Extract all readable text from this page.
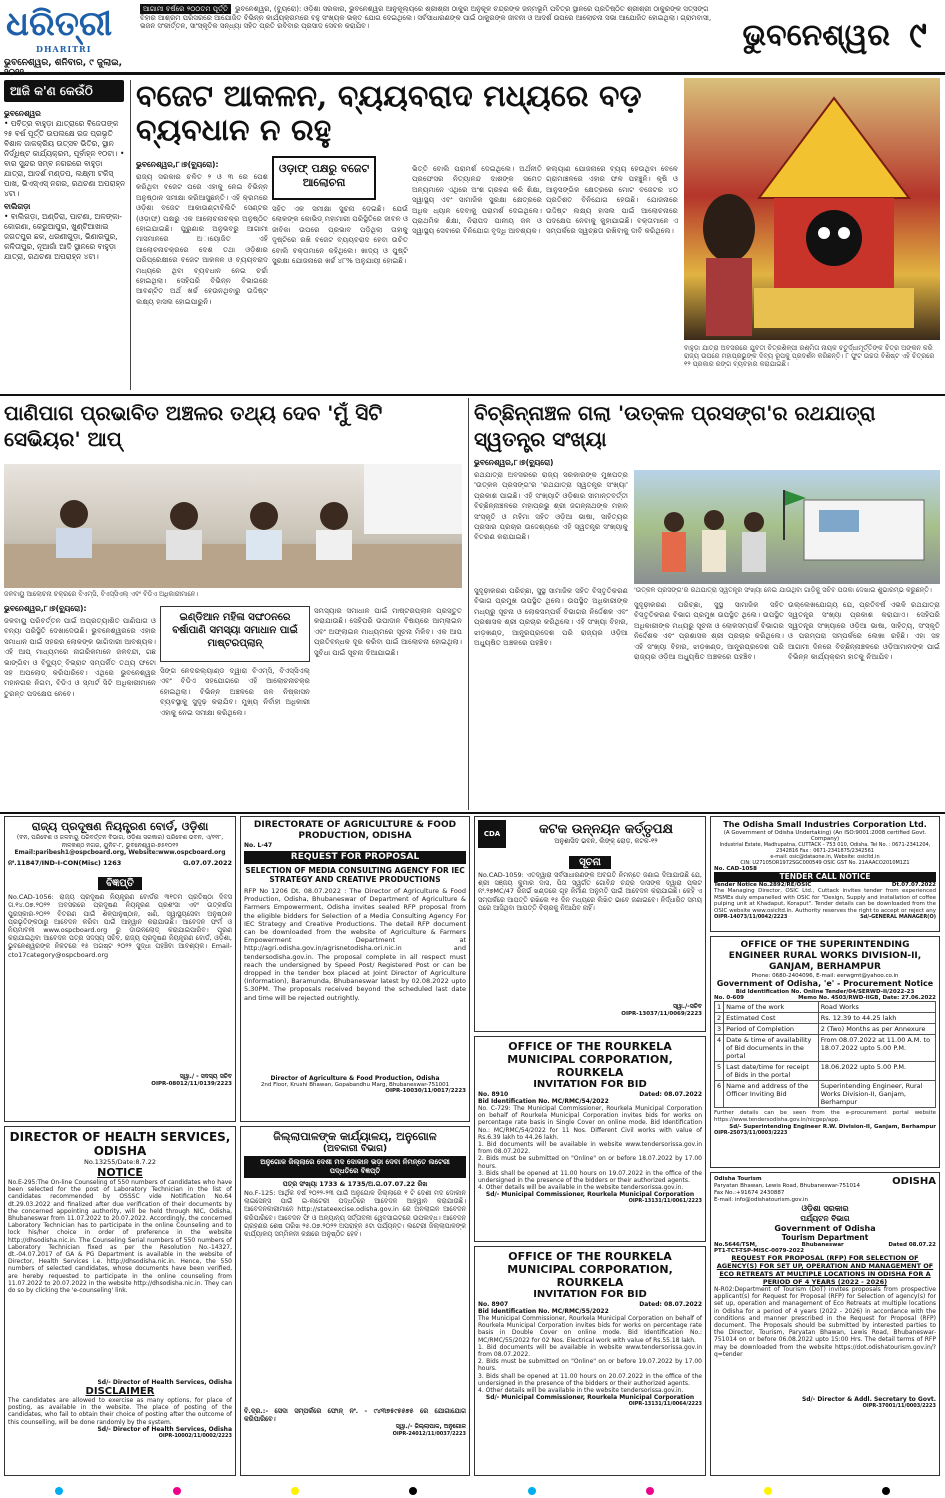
ଧରିତ୍ରୀ
DHARITRI
ଭୁବନେଶ୍ୱର, ଶନିବାର, ୯ ଜୁଲାଇ,
ଆଗାମୀ ବର୍ଷରେ ୨୦୦ତମ ପୂର୍ତ୍ତି ଭୁବନେଶ୍ୱର, (ବ୍ୟୁରୋ): ଓଡ଼ିଶା ସରକାର, ଭୁବନେଶ୍ୱର ଆନୁକୂଲ୍ୟରେ ଶ୍ରୀଶ୍ରୀ ଠାକୁର ଅନୁକୂଳ ଚନ୍ଦ୍ରଙ୍କ ଜନ୍ମଭୂମି ପବିତ୍ର ସ୍ଥାନରେ ପ୍ରତିଷ୍ଠିତ ଶ୍ରୀଶ୍ରୀ ଠାକୁରଙ୍କ ସତ୍ସଙ୍ଗ ବିହାର ଆଶ୍ରମ ପରିସରରେ ଆଯୋଜିତ ବିଭିନ୍ନ କାର୍ଯ୍ୟକ୍ରମରେ ବହୁ ସଂଖ୍ୟକ ଭକ୍ତ ଯୋଗ ଦେଇଥିଲେ। ସର୍ବସାଧାରଣଙ୍କ ପାଇଁ ଠାକୁରଙ୍କ ଜୀବନୀ ଓ ଆଦର୍ଶ ଉପରେ ଆଲୋଚନା ସଭା ଆଯୋଜିତ ହୋଇଥିଲା। ଗ୍ରାମବାସୀ, ଭଜନ ସଂକୀର୍ତ୍ତନ, ସାଂସ୍କୃତିକ ସନ୍ଧ୍ୟା ସହିତ ପ୍ରତି ରବିବାର ପ୍ରସାଦ ସେବନ କରାଯିବ।	ଭୁବନେଶ୍ୱର ୯
ଆଜି କ'ଣ କେଉଁଠି
ଭୁବନେଶ୍ୱର
• ପବିତ୍ର ବାହୁଡ଼ା ଯାତ୍ରାରେ ବିଜେତାଙ୍କ ୨୫ ବର୍ଷ ପୂର୍ତ୍ତି ଉପଲକ୍ଷେ ରଜ ପ୍ରଭୃତି ବିଶାଳ ଜାକକ୍ରିୟ ଉତ୍ସବ ଭିତିର, ସ୍ଥାନ ନିର୍ଦ୍ଧିଷ୍ଟ କାର୍ଯ୍ୟକ୍ରମ, ପୂର୍ବାହ୍ନ ୧୦ଟା। • ବାର ସୁନ୍ଦର ସମ୍ବ ନଗରରେ ବାହୁଡ଼ା ଯାତ୍ରା, ଆଦର୍ଶ ମଣ୍ଡପ, ଲକ୍ଷ୍ମୀ ଟକିସ୍ ପାଖ, ଭିଏସ୍ଏସ୍ ନଗର, ରଥଚଣା ଅପରାହ୍ନ ୪ଟା।
ବାଲିଗଡ଼ା
• ବାଲିଗଡ଼ା, ଅଣ୍ଡିରା, ପାଟଣା, ଅଳଙ୍କା-କୋରଣା, କେରୁଆପୁର, ଖୁଣ୍ଟିଆଖାଇ ଜଗତପୁର ଛକ, ଧରଣୀଗୁଡ଼ା, ଭିଣାରପୁର, କଳିତାପୁର, ନୂଆଗାଁ ଆଦି ସ୍ଥାନରେ ବାହୁଡ଼ା ଯାତ୍ରା, ରଥଚଣା ଅପରାହ୍ନ ୪ଟା।
ବଜେଟ ଆକଳନ, ବ୍ୟୟବରାଦ ମଧ୍ୟରେ ବଡ଼ ବ୍ୟବଧାନ ନ ରହୁ
ଭୁବନେଶ୍ୱର,୮।୭(ବ୍ୟୁରୋ):	ଓଡ଼ାଫ୍ ପକ୍ଷରୁ ବଜେଟ ଆଲୋଚନା
ରାଜ୍ୟ ସରକାର ଚଳିତ ୨ ଓ ୩ ରେ ପେଶ କରିଥିବା ବଜେଟ ପରେ ଏହାକୁ ନେଇ ବିଭିନ୍ନ ଅନୁଷ୍ଠାନ ସମୀକ୍ଷା କରିଆସୁଛନ୍ତି। ଏହି କ୍ରମରେ ଓଡ଼ିଶା ବଜେଟ ଆକାଉଣ୍ଟାବିଲିଟି ସେଣ୍ଟର (ଓଡ଼ାଫ୍) ପକ୍ଷରୁ ଏକ ଆଲୋଚନାଚକ୍ର ଅନୁଷ୍ଠିତ ହୋଇଯାଇଛି। ପୁରୁଣାର ଅନୁଭବରୁ ଆଗାମୀ ମାସମାନରେ ଅାୟୋଜିତ ଏହି ଆଲୋଚନାଚକ୍ରରେ ଦେଶ ତଥା ଓଡ଼ିଶାର ପରିପ୍ରେକ୍ଷୀରେ ବଜେଟ ଆକଳନ ଓ ବ୍ୟୟବରାଦ ମଧ୍ୟରେ ଥିବା ବ୍ୟବଧାନ ନେଇ ଚର୍ଚ୍ଚା ହୋଇଥିଲା। ସେହିପରି ବିଭିନ୍ନ ବିଭାଗରେ ଆବଣ୍ଟିତ ଅର୍ଥ ଖର୍ଚ୍ଚ ହେଉନଥିବାରୁ ଉଦ୍ଦିଷ୍ଟ ଲକ୍ଷ୍ୟ ହାସଲ ହୋଇପାରୁନି।
ସହିତ ଏକ ସମୀକ୍ଷା ସୁଚନା ଦେଇଛି। ଯେଉଁ ଲୋକଙ୍କ କୋଭିଡ୍ ମହାମାରୀ ପରିସ୍ଥିତିରେ ଜୀବନ ଓ ଜୀବିକା ଉପରେ ପ୍ରଭାବ ପଡ଼ିଥିଲା ତାହାକୁ ଦୃଷ୍ଟିରେ ରଖି ବଜେଟ ବ୍ୟୟବରାଦ ହେବା ଉଚିତ ବୋଲି ବକ୍ତାମାନେ କହିଥିଲେ। ଖାଦ୍ୟ ଓ ପୁଷ୍ଟି ସୁରକ୍ଷା ଯୋଜନାରେ ଖର୍ଚ୍ଚ ୪୮% ଅନୁଯାୟୀ ହୋଇଛି।
ଭିତ୍ତି ବୋଲି ପରାମର୍ଶ ଦେଇଥିଲେ। ଅର୍ଥନୀତି ପ୍ରଫେସର ନିତ୍ୟାନନ୍ଦ ଦାଶଙ୍କ ସମେତ ଅନ୍ୟମାନେ ଏଥିରେ ଅଂଶ ଗ୍ରହଣ କରି ଶିକ୍ଷା, ସ୍ୱାସ୍ଥ୍ୟ ଏବଂ ସାମାଜିକ ସୁରକ୍ଷା କ୍ଷେତ୍ରରେ ଅଧିକ ଧ୍ୟାନ ଦେବାକୁ ପରାମର୍ଶ ଦେଇଥିଲେ। ପ୍ରାଥମିକ ଶିକ୍ଷା, ନିରାପଦ ପାନୀୟ ଜଳ ଓ ସ୍ୱାସ୍ଥ୍ୟ ସେବାରେ ବିନିଯୋଗ ବୃଦ୍ଧି ଆବଶ୍ୟକ।
କଲ୍ୟାଣ ଯୋଜନାରେ ବ୍ୟୟ ହେଉଥିବା ବେଳେ ଗ୍ରାମାଞ୍ଚଳରେ ଏହାର ଫଳ ପହଞ୍ଚୁନି। କୃଷି ଓ ଆନୁସଙ୍ଗିକ କ୍ଷେତ୍ରରେ ମୋଟ ବଜେଟର ୪୦ ପ୍ରତିଶତ ବିନିଯୋଗ ହେଉଛି। ଯୋଜନାରେ ଉଦ୍ଦିଷ୍ଟ ଲକ୍ଷ୍ୟ ହାସଲ ପାଇଁ ଆଲୋଚନାରେ ପଦକ୍ଷେପ ନେବାକୁ କୁହାଯାଇଛି। ବକ୍ତାମାନେ ଏ ସମ୍ପର୍କରେ ସ୍ୱଚ୍ଛତା ରଖିବାକୁ ଦାବି କରିଥିଲେ।
ବାହୁଡ଼ା ଯାତ୍ରା ଅବସରରେ ଯୁବତୀ ଚିତ୍ରଶିଳ୍ପୀ ରଶ୍ମିତା ନାୟକ ଚତୁର୍ଦ୍ଧାମୂର୍ତ୍ତିଙ୍କ ଚିତ୍ର ଅଙ୍କନ କରି ରାଜ୍ୟ ଉପରେ ମହାପ୍ରଭୁଙ୍କ ଦିବ୍ୟ ରୂପକୁ ପ୍ରଦର୍ଶନ କରିଛନ୍ତି। ୮ ଫୁଟ ଉଚ୍ଚତା ବିଶିଷ୍ଟ ଏହି ଚିତ୍ରରେ ୧୨ ପ୍ରକାର ରଙ୍ଗ ବ୍ୟବହାର କରାଯାଇଛି।
ପାଣିପାଗ ପ୍ରଭାବିତ ଅଞ୍ଚଳର ତଥ୍ୟ ଦେବ 'ମୁଁ ସିଟି ସେଭିୟର' ଆପ୍
ଜଳବାୟୁ ଆଲୋଚନା ଚକ୍ରରେ ବିଏମ୍‌ସି, ବିଏସ୍‌ସିଏଲ୍ ଏବଂ ବିଡିଏ ଅଧିକାରୀମାନେ।
ଭୁବନେଶ୍ୱର,୮।୭(ବ୍ୟୁରୋ):
ଜଳବାୟୁ ପରିବର୍ତ୍ତନ ପାଇଁ ଅପ୍ରତ୍ୟାଶିତ ପାଣିପାଗ ଓ ବନ୍ୟା ପରିସ୍ଥିତି ଦେଖାଦେଉଛି। ଭୁବନେଶ୍ୱରରେ ଏହାର ସମାଧାନ ପାଇଁ ସହରର ଲୋକଙ୍କ ଭାଗିଦାରୀ ଆବଶ୍ୟକ। ଏହି ଆପ୍ ମାଧ୍ୟମରେ ନାଗରିକମାନେ ଜଳବନ୍ଦୀ, ଗଛ ଭାଙ୍ଗିବା ଓ ବିଦ୍ୟୁତ୍ ବିଭ୍ରାଟ ସମ୍ପର୍କିତ ତଥ୍ୟ ଫଟୋ ସହ ଅପଲୋଡ୍ କରିପାରିବେ। ଏଥିରେ ଭୁବନେଶ୍ୱର ମହାନଗର ନିଗମ, ବିଡିଏ ଓ ସ୍ମାର୍ଟ ସିଟି ଅଧିକାରୀମାନେ ତୁରନ୍ତ ପଦକ୍ଷେପ ନେବେ।
ଇଣ୍ଡିଆନ ମହିଳା ସଙ୍ଘଠନରେ ବର୍ଷାପାଣି ସମସ୍ୟା ସମାଧାନ ପାଇଁ ମାଷ୍ଟରପ୍ଲାନ୍
ସିଙ୍ଗ ନେଦରଲ୍ୟାଣ୍ଡ ଦ୍ୱାରା ବିଏମ୍‌ସି, ବିଏସ୍‌ସିଏଲ୍ ଏବଂ ବିଡିଏ ସହଯୋଗରେ ଏହି ଆଲୋଚନାଚକ୍ର ହୋଇଥିଲା। ବିଭିନ୍ନ ଅଞ୍ଚଳରେ ଜଳ ନିଷ୍କାସନ ବ୍ୟବସ୍ଥାକୁ ସୁଦୃଢ଼ କରାଯିବ। ମୁଖ୍ୟ ନିର୍ବାହୀ ଅଧିକାରୀ ଏହାକୁ ନେଇ ସମୀକ୍ଷା କରିଥିଲେ।
ସମସ୍ୟାର ସମାଧାନ ପାଇଁ ମାଷ୍ଟରପ୍ଲାନ ପ୍ରସ୍ତୁତ କରାଯାଉଛି। ସେହିପରି ଉପାଦାନ ବିଷୟରେ ଆମ୍‌ଲାଇନ ଏବଂ ଅଫ୍‌ଲାଇନ ମାଧ୍ୟମରେ ସୂଚନା ମିଳିବ। ଏକ ଆପ ପ୍ରତିବନ୍ଧକ ଦୂର କରିବା ପାଇଁ ଆଲୋଚନା ହୋଇଥିଲା। ସୁବିଧା ପାଇଁ ସୂଚନା ଦିଆଯାଇଛି।
ବିଚ୍ଛିନ୍ନାଞ୍ଚଳ ଗଲା 'ଉତ୍କଳ ପ୍ରସଙ୍ଗ'ର ରଥଯାତ୍ରା ସ୍ୱତନ୍ତ୍ର ସଂଖ୍ୟା
ଭୁବନେଶ୍ୱର,୮।୭(ବ୍ୟୁରୋ)
ରଥଯାତ୍ରା ଅବସରରେ ରାଜ୍ୟ ସରକାରଙ୍କ ମୁଖପତ୍ର 'ଉତ୍କଳ ପ୍ରସଙ୍ଗ'ର 'ରଥଯାତ୍ରା ସ୍ୱତନ୍ତ୍ର ସଂଖ୍ୟା' ପ୍ରକାଶ ପାଇଛି। ଏହି ସଂଖ୍ୟାଟି ଓଡ଼ିଶାର ସୀମାନ୍ତବର୍ତ୍ତୀ ବିଚ୍ଛିନ୍ନାଞ୍ଚଳରେ ମହାପ୍ରଭୁ ଶ୍ରୀ ଜଗନ୍ନାଥଙ୍କ ମହାନ୍ ସଂସ୍କୃତି ଓ ମହିମା ସହିତ ଓଡ଼ିଆ ଭାଷା, ସାହିତ୍ୟର ପ୍ରସାର ପ୍ରଚାର ଉଦ୍ଦେଶ୍ୟରେ ଏହି ସ୍ୱତନ୍ତ୍ର ସଂଖ୍ୟାକୁ ବିତରଣ କରାଯାଇଛି।
'ଉତ୍କଳ ପ୍ରସଙ୍ଗ'ର ରଥଯାତ୍ରା ସ୍ୱତନ୍ତ୍ର ସଂଖ୍ୟା ନେଇ ଯାଉଥିବା ଗାଡ଼ିକୁ ସଚିବ ପତାକା ଦେଖାଇ ଶୁଭାରମ୍ଭ କରୁଛନ୍ତି।
ସୁଦୃଢ଼ୀକରଣ ପରିଚ୍ଛା, ସୁସ୍ଥ ସାମାଜିକ ସହିତ ବିସ୍ତୃତିକରଣ ବିଭାଗ ପ୍ରମୁଖ ଉପସ୍ଥିତ ଥିଲେ। ଉପସ୍ଥିତ ଅଧିକାରୀଙ୍କ ମଧ୍ୟରୁ ସୂଚନା ଓ ଲୋକସମ୍ପର୍କ ବିଭାଗର ନିର୍ଦ୍ଦେଶକ ଏବଂ ପ୍ରଶାସକ ଶ୍ରୀ ପ୍ରଚାର କରିଥିଲେ। ଏହି ସଂଖ୍ୟା ବିହାର, ଝାଡ଼ଖଣ୍ଡ, ଆନ୍ଧ୍ରପ୍ରଦେଶ ପରି ରାଜ୍ୟର ଓଡ଼ିଆ ଅଧ୍ୟୁଷିତ ଅଞ୍ଚଳରେ ପହଞ୍ଚିବ।
ସୁଦୃଢ଼ୀକରଣ ପରିଚ୍ଛା, ସୁସ୍ଥ ସାମାଜିକ ସହିତ ବିସ୍ତୃତିକରଣ ବିଭାଗ ପ୍ରମୁଖ ଉପସ୍ଥିତ ଥିଲେ। ଉପସ୍ଥିତ ଅଧିକାରୀଙ୍କ ମଧ୍ୟରୁ ସୂଚନା ଓ ଲୋକସମ୍ପର୍କ ବିଭାଗର ନିର୍ଦ୍ଦେଶକ ଏବଂ ପ୍ରଶାସକ ଶ୍ରୀ ପ୍ରଚାର କରିଥିଲେ। ଏହି ସଂଖ୍ୟା ବିହାର, ଝାଡ଼ଖଣ୍ଡ, ଆନ୍ଧ୍ରପ୍ରଦେଶ ପରି ରାଜ୍ୟର ଓଡ଼ିଆ ଅଧ୍ୟୁଷିତ ଅଞ୍ଚଳରେ ପହଞ୍ଚିବ।
ଉଲ୍ଲେଖଯୋଗ୍ୟ ଯେ, ପ୍ରତିବର୍ଷ ଏଭଳି ରଥଯାତ୍ରା ସ୍ୱତନ୍ତ୍ର ସଂଖ୍ୟା ପ୍ରକାଶ କରାଯାଏ। ସେହିପରି ସ୍ୱତନ୍ତ୍ର ସଂଖ୍ୟାରେ ଓଡ଼ିଆ ଭାଷା, ସାହିତ୍ୟ, ସଂସ୍କୃତି ଓ ପରମ୍ପରା ସମ୍ପର୍କରେ ଲେଖା ରହିଛି। ଏହା ସହ ଆଗାମୀ ଦିନରେ ବିଚ୍ଛିନ୍ନାଞ୍ଚଳରେ ଓଡ଼ିଆମାନଙ୍କ ପାଇଁ ବିଭିନ୍ନ କାର୍ଯ୍ୟକ୍ରମ ହାତକୁ ନିଆଯିବ।
ରାଜ୍ୟ ପ୍ରଦୂଷଣ ନିୟନ୍ତ୍ରଣ ବୋର୍ଡ, ଓଡ଼ିଶା
(ବନ, ପରିବେଶ ଓ ଜଳବାୟୁ ପରିବର୍ତ୍ତନ ବିଭାଗ, ଓଡ଼ିଶା ସରକାର) ପରିବେଶ ଭବନ, ଏ/୧୧୮, ନୀଳକଣ୍ଠ ନଗର, ୟୁନିଟ-୮, ଭୁବନେଶ୍ୱର-୭୫୧୦୧୨
Email:paribesh1@ospcboard.org, Website:www.ospcboard.org
ନଂ.11847/IND-I-CON(Misc) 1263	ତା.07.07.2022
ବିଜ୍ଞପ୍ତି
No.CAD-1056: ରାଜ୍ୟ ପ୍ରଦୂଷଣ ନିୟନ୍ତ୍ରଣ ବୋର୍ଡର ୩୧ତମ ପ୍ରତିଷ୍ଠା ଦିବସ ତା.୧୪.୦୭.୨୦୨୨ ଅବସରରେ ପ୍ରଦୂଷଣ ନିୟନ୍ତ୍ରଣ ପ୍ରଶଂସା ଏବଂ ଉତ୍କର୍ଷତା ପୁରସ୍କାର-୨୦୨୨ ବିତରଣ ପାଇଁ ଶିଳ୍ପାନୁଷ୍ଠାନ, ଖଣି, ସ୍ୱାସ୍ଥ୍ୟସେବା ଅନୁଷ୍ଠାନ ପ୍ରଭୃତିଙ୍କଠାରୁ ଆବେଦନ କରିବା ପାଇଁ ଆହ୍ୱାନ କରାଯାଉଛି। ଆବେଦନ ଫର୍ମ ଓ ନିୟମାବଳୀ www.ospcboard.org ରୁ ଡାଉନଲୋଡ୍ କରାଯାଇପାରିବ। ପୂରଣ କରାଯାଇଥିବା ଆବେଦନ ପତ୍ର ସଦସ୍ୟ ସଚିବ, ରାଜ୍ୟ ପ୍ରଦୂଷଣ ନିୟନ୍ତ୍ରଣ ବୋର୍ଡ, ଓଡ଼ିଶା, ଭୁବନେଶ୍ୱରଙ୍କ ନିକଟରେ ୧୫ ଅଗଷ୍ଟ ୨୦୨୨ ସୁଦ୍ଧା ପହଞ୍ଚିବା ଆବଶ୍ୟକ। Email- cto17category@ospcboard.org
ସ୍ୱା./ - ସଦସ୍ୟ ସଚିବ
OIPR-08012/11/0139/2223
DIRECTORATE OF AGRICULTURE & FOOD PRODUCTION, ODISHA
No. L-47
REQUEST FOR PROPOSAL
SELECTION OF MEDIA CONSULTING AGENCY FOR IEC STRATEGY AND CREATIVE PRODUCTIONS
RFP No 1206 Dt. 08.07.2022 : The Director of Agriculture & Food Production, Odisha, Bhubaneswar of Department of Agriculture & Farmers Empowerment, Odisha invites sealed RFP proposal from the eligible bidders for Selection of a Media Consulting Agency For IEC Strategy and Creative Productions. The detail RFP document can be downloaded from the website of Agriculture & Farmers Empowerment Department at http://agri.odisha.gov.in/agrisnetodisha.ori.nic.in and tendersodisha.gov.in. The proposal complete in all respect must reach the undersigned by Speed Post/ Registered Post or can be dropped in the tender box placed at Joint Director of Agriculture (Information), Baramunda, Bhubaneswar latest by 02.08.2022 upto 5.30PM. The proposals received beyond the scheduled last date and time will be rejected outrightly.
Director of Agriculture & Food Production, Odisha
2nd Floor, Krushi Bhawan, Gopabandhu Marg, Bhubaneswar-751001
OIPR-10030/11/0017/2223
CDA	କଟକ ଉନ୍ନୟନ କର୍ତ୍ତୃପକ୍ଷ
ଅନୁଶାସିଦ ଭବନ, ଲିଙ୍କ୍ ରୋଡ଼, କଟକ-୧୨
ସୂଚନା
No.CAD-1059: ଏତଦ୍ୱାରା ସର୍ବସାଧାରଣଙ୍କ ଅବଗତି ନିମନ୍ତେ ଜଣାଇ ଦିଆଯାଉଛି ଯେ, ଶ୍ରୀ ସଞ୍ଜୟ କୁମାର ଦାସ, ପିତା ସ୍ୱର୍ଗତ ଗୋବିନ୍ଦ ଚନ୍ଦ୍ର ଦାସଙ୍କ ଦ୍ୱାରା ପ୍ଲଟ ନଂ.୨୭MC/47 ରିଜର୍ଭ ଖଣ୍ଡରେ ଗୃହ ନିର୍ମାଣ ଅନୁମତି ପାଇଁ ଆବେଦନ କରାଯାଇଛି। କେହି ଏ ସମ୍ପର୍କରେ ଆପତ୍ତି ରଖିଲେ ୧୫ ଦିନ ମଧ୍ୟରେ ଲିଖିତ ଭାବେ ଜଣାଇବେ। ନିର୍ଦ୍ଧାରିତ ସମୟ ପରେ ଆସିଥିବା ଆପତ୍ତି ବିଚାରକୁ ନିଆଯିବ ନାହିଁ।
ସ୍ୱା./-ସଚିବ
OIPR-13037/11/0069/2223
The Odisha Small Industries Corporation Ltd.
(A Government of Odisha Undertaking) (An ISO:9001:2008 certified Govt. Company)
Industrial Estate, Madhupatna, CUTTACK - 753 010, Odisha. Tel No. : 0671-2341204, 2342816 Fax : 0671-2341875/2342561
e-mail: osic@dataone.in, Website: osicltd.in
CIN: U27105OR1972SGC000549 OSIC GST No. 21AAACO2010M1Z1
No. CAD-1058
TENDER CALL NOTICE
Tender Notice No.2892/RE/OSIC	Dt.07.07.2022
The Managing Director, OSIC Ltd., Cuttack invites tender from experienced MSMEs duly empanelled with OSIC for "Design, Supply and installation of coffee pulping unit at Khadaput, Koraput". Tender details can be downloaded from the OSIC website www.osicltd.in. Authority reserves the right to accept or reject any
OIPR-14073/11/0042/2223	Sd/-GENERAL MANAGER(O)
OFFICE OF THE SUPERINTENDING ENGINEER RURAL WORKS DIVISION-II, GANJAM, BERHAMPUR
Phone: 0680-2404096, E-mail: eerwgmt@yahoo.co.in
Government of Odisha, 'e' - Procurement Notice
Bid Identification No. Online Tender/04/SERWD-II/2022-23
No. 0-609	Memo No. 4503/RWD-IIGB, Date: 27.06.2022
1	Name of the work	Road Works
2	Estimated Cost	Rs. 12.39 to 44.25 lakh
3	Period of Completion	2 (Two) Months as per Annexure
4	Date & time of availability of Bid documents in the portal	From 08.07.2022 at 11.00 A.M. to 18.07.2022 upto 5.00 P.M.
5	Last date/time for receipt of Bids in the portal	18.06.2022 upto 5.00 P.M.
6	Name and address of the Officer Inviting Bid	Superintending Engineer, Rural Works Division-II, Ganjam, Berhampur
Further details can be seen from the e-procurement portal website https://www.tendersodisha.gov.in/nicgep/app.
Sd/- Superintending Engineer R.W. Division-II, Ganjam, Berhampur
OIPR-25073/11/0003/2223
OFFICE OF THE ROURKELA MUNICIPAL CORPORATION, ROURKELA
INVITATION FOR BID
No. 8910	Dated: 08.07.2022
Bid Identification No. MC/RMC/54/2022
No. C-729: The Municipal Commissioner, Rourkela Municipal Corporation on behalf of Rourkela Municipal Corporation invites bids for works on percentage rate basis in Single Cover on online mode. Bid Identification No.: MC/RMC/54/2022 for 11 Nos. Different Civil works with value of Rs.6.39 lakh to 44.26 lakh.
1. Bid documents will be available in website www.tendersorissa.gov.in from 08.07.2022.
2. Bids must be submitted on "Online" on or before 18.07.2022 by 17.00 hours.
3. Bids shall be opened at 11.00 hours on 19.07.2022 in the office of the undersigned in the presence of the bidders or their authorized agents.
4. Other details will be available in the website tendersorissa.gov.in.
Sd/- Municipal Commissioner, Rourkela Municipal Corporation
OIPR-13131/11/0061/2223
OFFICE OF THE ROURKELA MUNICIPAL CORPORATION, ROURKELA
INVITATION FOR BID
No. 8907	Dated: 08.07.2022
Bid Identification No. MC/RMC/55/2022
The Municipal Commissioner, Rourkela Municipal Corporation on behalf of Rourkela Municipal Corporation invites bids for works on percentage rate basis in Double Cover on online mode. Bid Identification No.: MC/RMC/55/2022 for 02 Nos. Electrical work with value of Rs.55.18 lakh.
1. Bid documents will be available in website www.tendersorissa.gov.in from 08.07.2022.
2. Bids must be submitted on "Online" on or before 19.07.2022 by 17.00 hours.
3. Bids shall be opened at 11.00 hours on 20.07.2022 in the office of the undersigned in the presence of the bidders or their authorized agents.
4. Other details will be available in the website tendersorissa.gov.in.
Sd/- Municipal Commissioner, Rourkela Municipal Corporation
OIPR-13131/11/0064/2223
DIRECTOR OF HEALTH SERVICES, ODISHA
No.13255/Date:8.7.22
NOTICE
No.E-295:The On-line Counseling of 550 numbers of candidates who have been selected for the post of Laboratory Technician in the list of candidates recommended by OSSSC vide Notification No.64 dt.29.03.2022 and finalized after due verification of their documents by the concerned appointing authority, will be held through NIC, Odisha, Bhubaneswar from 11.07.2022 to 20.07.2022. Accordingly, the concerned Laboratory Technician has to participate in the online Counseling and to lock his/her choice in order of preference in the website http://dhsodisha.nic.in. The Counseling Serial numbers of 550 numbers of Laboratory Technician fixed as per the Resolution No.-14327, dt.-04.07.2017 of GA & PG Department is available in the website of Director, Health Services i.e. http://dhsodisha.nic.in. Hence, the 550 numbers of selected candidates, whose documents have been verified, are hereby requested to participate in the online counseling from 11.07.2022 to 20.07.2022 in the website http://dhsodisha.nic.in. They can do so by clicking the 'e-counseling' link.
Sd/- Director of Health Services, Odisha
DISCLAIMER
The candidates are allowed to exercise as many options, for place of posting, as available in the website. The place of posting of the candidates, who fail to obtain their choice of posting after the outcome of this counselling, will be done randomly by the system.
Sd/- Director of Health Services, Odisha
OIPR-10002/11/0002/2223
ଜିଲ୍ଲାପାଳଙ୍କ କାର୍ଯ୍ୟାଳୟ, ଅନୁଗୋଳ
(ଅବକାରୀ ବିଭାଗ)
ଅନୁଗୋଳ ଜିଲ୍ଲାରେ ଦେଶୀ ମଦ ଦୋକାନ ଭଡ଼ା ଦେବା ନିମନ୍ତେ ଲଟେରୀ ପଦ୍ଧତିରେ ବିଜ୍ଞପ୍ତି
ପତ୍ର ସଂଖ୍ୟା 1733 & 1735/ଅ.ଗ.07.07.22 ରିଖ
No.F-125: ଆର୍ଥିକ ବର୍ଷ ୨୦୨୨-୨୩ ପାଇଁ ଅନୁଗୋଳ ଜିଲ୍ଲାରେ ୧ ଟି ଦେଶୀ ମଦ ଦୋକାନ ଲାଇସେନ୍ସ ପାଇଁ ଇ-ଲଟେରୀ ପଦ୍ଧତିରେ ଆବେଦନ ଆହ୍ୱାନ କରାଯାଉଛି। ଆବେଦନକାରୀମାନେ http://stateexcise.odisha.gov.in ରେ ଅନଲାଇନ ଆବେଦନ କରିପାରିବେ। ଆବେଦନ ଫି ଓ ଅନ୍ୟାନ୍ୟ ସର୍ତ୍ତାବଳୀ ୱେବସାଇଟରେ ଉପଲବ୍ଧ। ଆବେଦନ ଗ୍ରହଣର ଶେଷ ତାରିଖ ୨୫.୦୭.୨୦୨୨ ଅପରାହ୍ନ ୫ଟା ପର୍ଯ୍ୟନ୍ତ। ଲଟେରୀ ଜିଲ୍ଲାପାଳଙ୍କ କାର୍ଯ୍ୟାଳୟ ସମ୍ମିଳନୀ କକ୍ଷରେ ଅନୁଷ୍ଠିତ ହେବ।
ବି.ଦ୍ର.:- ସେଦା ସମ୍ପର୍କରେ ଫୋନ୍ ନଂ. - ୯୪୩୭୫୯୫୫୭୫ ରେ ଯୋଗାଯୋଗ କରିପାରିବେ।
ସ୍ୱା./- ଜିଲ୍ଲାପାଳ, ଅନୁଗୋଳ
OIPR-24012/11/0037/2223
Odisha Tourism
Paryatan Bhawan, Lewis Road, Bhubaneswar-751014
Fax No.:+91674 2430887
E-mail: info@odishatourism.gov.in
ODISHA
ଓଡ଼ିଶା ସରକାର
ପର୍ଯ୍ୟଟନ ବିଭାଗ
Government of Odisha
Tourism Department
No.5646/TSM,	Bhubaneswar	Dated 08.07.22
PT1-TCT-TSP-MISC-0079-2022
REQUEST FOR PROPOSAL (RFP) FOR SELECTION OF AGENCY(S) FOR SET UP, OPERATION AND MANAGEMENT OF ECO RETREATS AT MULTIPLE LOCATIONS IN ODISHA FOR A PERIOD OF 4 YEARS (2022 - 2026)
N-R02:Department of Tourism (DoT) invites proposals from prospective applicant(s) for Request for Proposal (RFP) for Selection of agency(s) for set up, operation and management of Eco Retreats at multiple locations in Odisha for a period of 4 years (2022 - 2026) in accordance with the conditions and manner prescribed in the Request for Proposal (RFP) document. The Proposals should be submitted by interested parties to the Director, Tourism, Paryatan Bhawan, Lewis Road, Bhubaneswar-751014 on or before 06.08.2022 upto 15:00 Hrs. The detail terms of RFP may be downloaded from the website https://dot.odishatourism.gov.in/?q=tender
Sd/- Director & Addl. Secretary to Govt.
OIPR-37001/11/0003/2223
